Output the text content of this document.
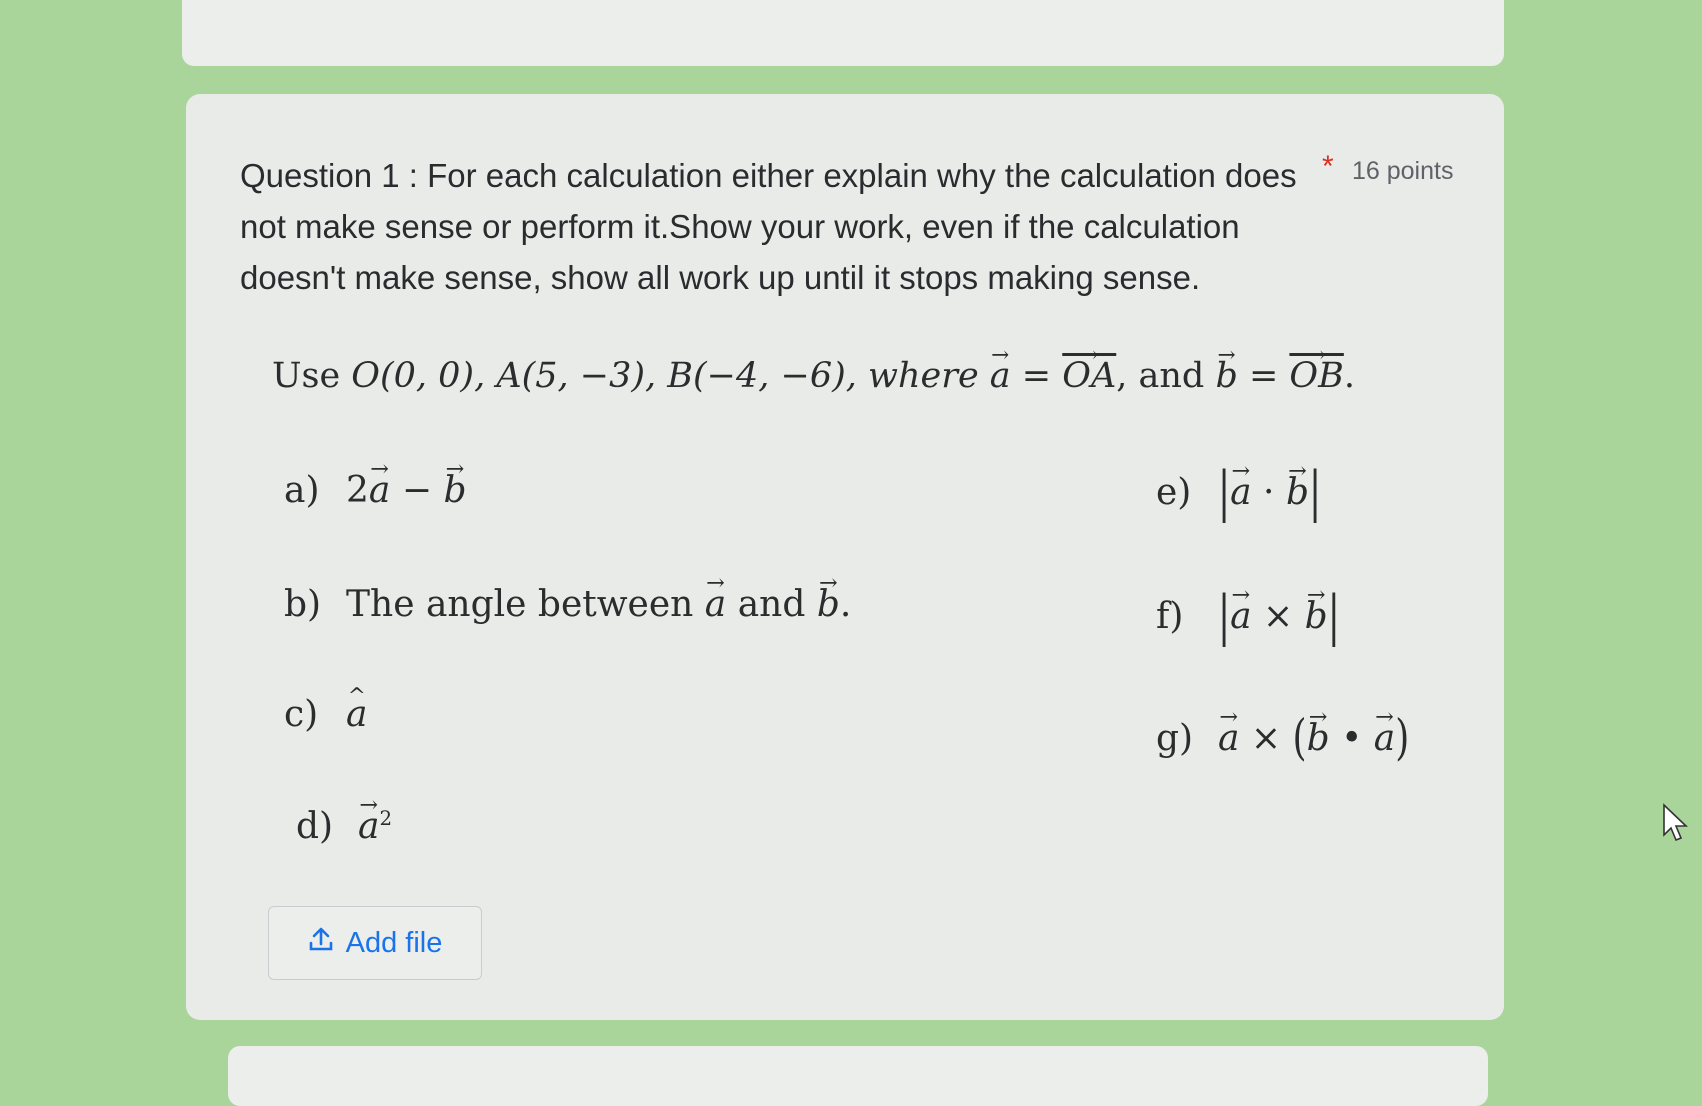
Question 1 : For each calculation either explain why the calculation does not make sense or perform it.Show your work, even if the calculation doesn't make sense, show all work up until it stops making sense.
* 16 points
Use O(0, 0), A(5, −3), B(−4, −6), where → a = → $\overline{OA}$, and → b = → $\overline{OB}$.
a) 2→ a − → b
b) The angle between → a and → b.
c) ^ a
$d) \to a^2$
e) |→ a · → b|
f) |→ a × → b|
g) → a × (→ b • → a)
Add file
